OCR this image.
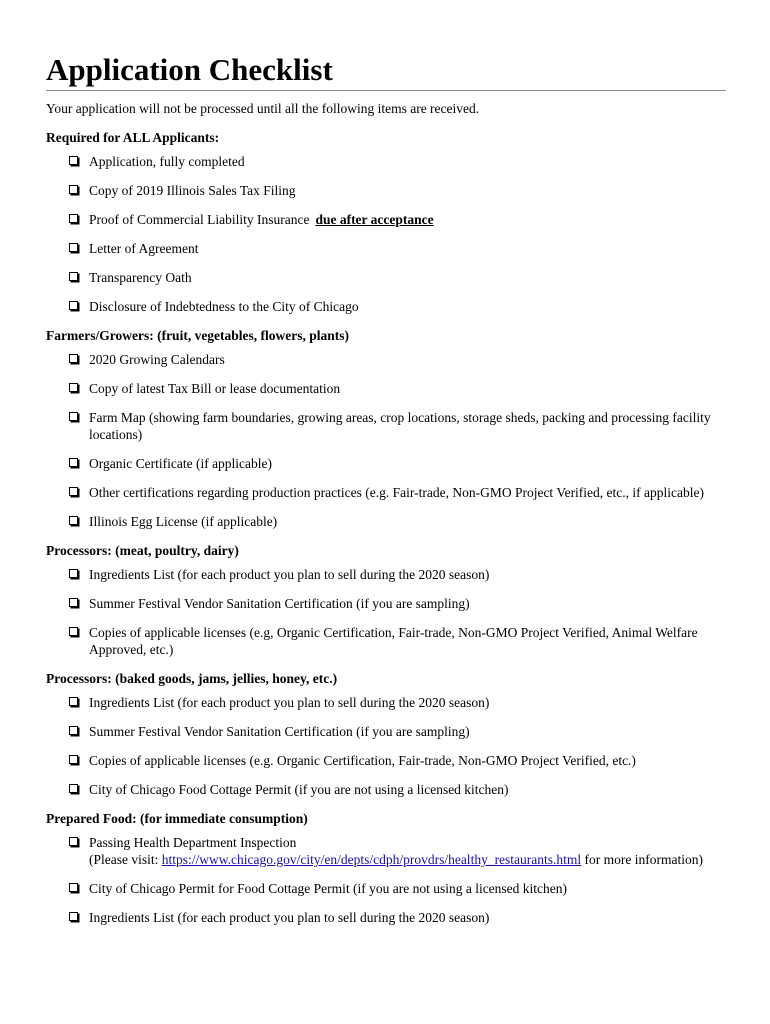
Application Checklist

Your application will not be processed until all the following items are received.

Required for ALL Applicants:

Application, fully completed
Copy of 2019 Illinois Sales Tax Filing
Proof of Commercial Liability Insurance due after acceptance
Letter of Agreement
Transparency Oath
Disclosure of Indebtedness to the City of Chicago

Farmers/Growers: (fruit, vegetables, flowers, plants)

2020 Growing Calendars
Copy of latest Tax Bill or lease documentation
Farm Map (showing farm boundaries, growing areas, crop locations, storage sheds, packing and processing facility locations)
Organic Certificate (if applicable)
Other certifications regarding production practices (e.g. Fair-trade, Non-GMO Project Verified, etc., if applicable)
Illinois Egg License (if applicable)

Processors: (meat, poultry, dairy)

Ingredients List (for each product you plan to sell during the 2020 season)
Summer Festival Vendor Sanitation Certification (if you are sampling)
Copies of applicable licenses (e.g, Organic Certification, Fair-trade, Non-GMO Project Verified, Animal Welfare Approved, etc.)

Processors: (baked goods, jams, jellies, honey, etc.)

Ingredients List (for each product you plan to sell during the 2020 season)
Summer Festival Vendor Sanitation Certification (if you are sampling)
Copies of applicable licenses (e.g. Organic Certification, Fair-trade, Non-GMO Project Verified, etc.)
City of Chicago Food Cottage Permit (if you are not using a licensed kitchen)

Prepared Food: (for immediate consumption)

Passing Health Department Inspection
(Please visit: https://www.chicago.gov/city/en/depts/cdph/provdrs/healthy_restaurants.html for more information)
City of Chicago Permit for Food Cottage Permit (if you are not using a licensed kitchen)
Ingredients List (for each product you plan to sell during the 2020 season)
